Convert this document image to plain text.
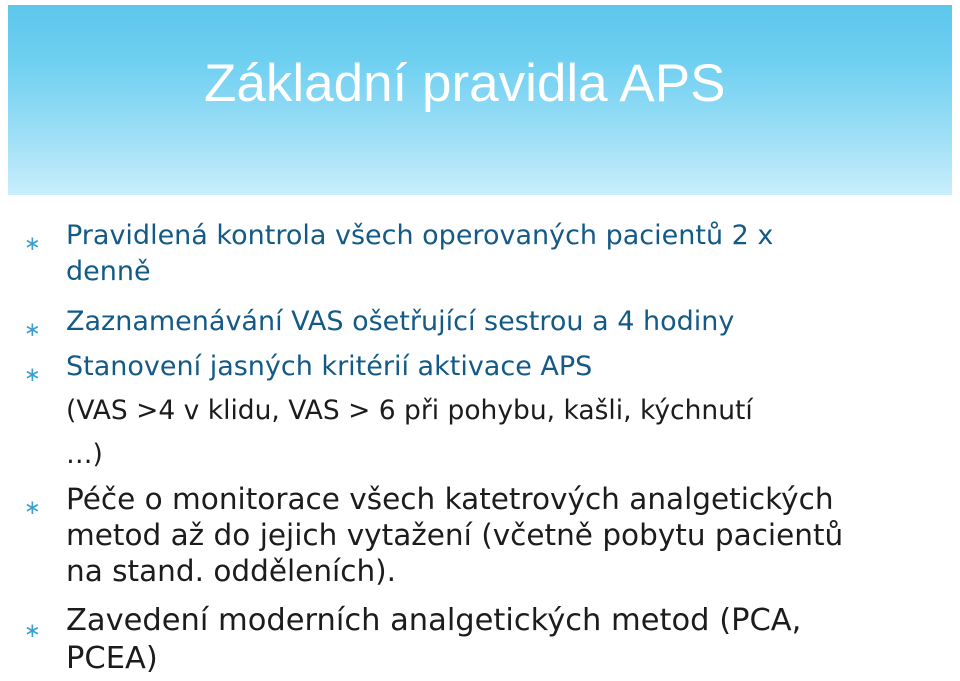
Základní pravidla APS
∗ Pravidlená kontrola všech operovaných pacientů 2 x
denně
∗ Zaznamenávání VAS ošetřující sestrou a 4 hodiny
∗ Stanovení jasných kritérií aktivace APS
(VAS >4 v klidu, VAS > 6 při pohybu, kašli, kýchnutí
…)
∗ Péče o monitorace všech katetrových analgetických
metod až do jejich vytažení (včetně pobytu pacientů
na stand. odděleních).
∗ Zavedení moderních analgetických metod (PCA,
PCEA)
